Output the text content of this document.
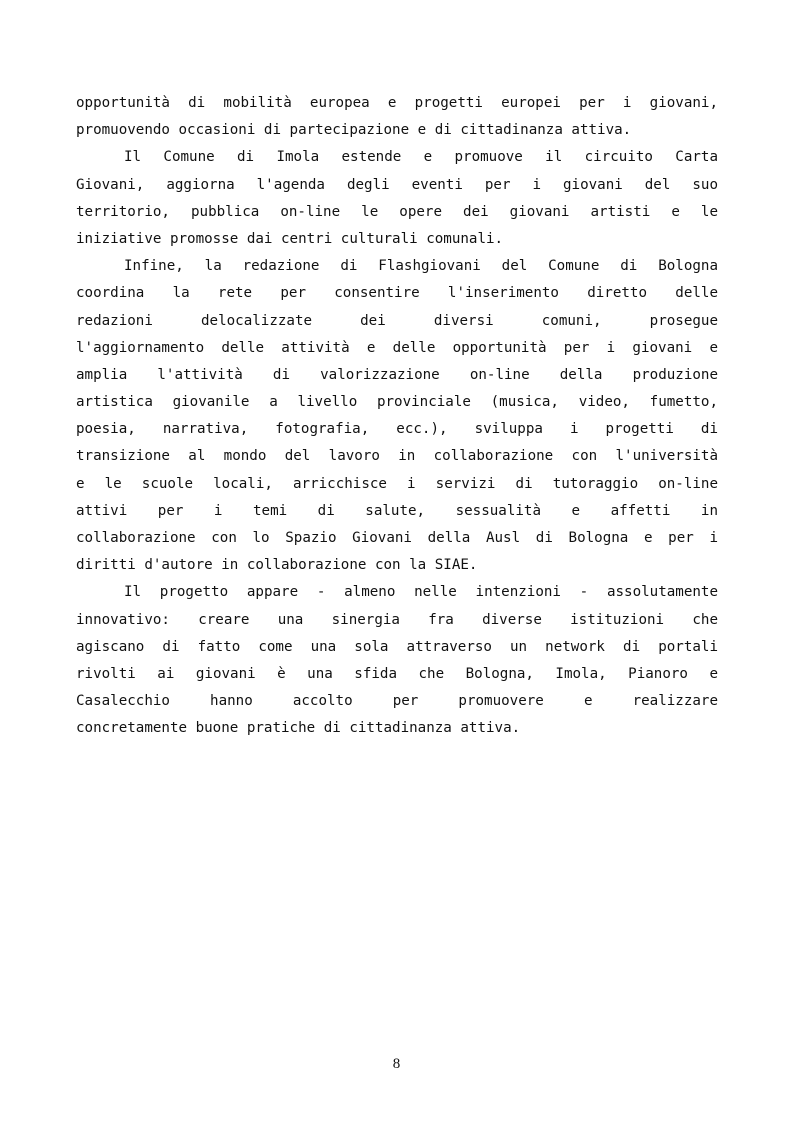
opportunità di mobilità europea e progetti europei per i giovani,
promuovendo occasioni di partecipazione e di cittadinanza attiva.
Il Comune di Imola estende e promuove il circuito Carta
Giovani, aggiorna l'agenda degli eventi per i giovani del suo
territorio, pubblica on-line le opere dei giovani artisti e le
iniziative promosse dai centri culturali comunali.
Infine, la redazione di Flashgiovani del Comune di Bologna
coordina la rete per consentire l'inserimento diretto delle
redazioni delocalizzate dei diversi comuni, prosegue
l'aggiornamento delle attività e delle opportunità per i giovani e
amplia l'attività di valorizzazione on-line della produzione
artistica giovanile a livello provinciale (musica, video, fumetto,
poesia, narrativa, fotografia, ecc.), sviluppa i progetti di
transizione al mondo del lavoro in collaborazione con l'università
e le scuole locali, arricchisce i servizi di tutoraggio on-line
attivi per i temi di salute, sessualità e affetti in
collaborazione con lo Spazio Giovani della Ausl di Bologna e per i
diritti d'autore in collaborazione con la SIAE.
Il progetto appare - almeno nelle intenzioni - assolutamente
innovativo: creare una sinergia fra diverse istituzioni che
agiscano di fatto come una sola attraverso un network di portali
rivolti ai giovani è una sfida che Bologna, Imola, Pianoro e
Casalecchio hanno accolto per promuovere e realizzare
concretamente buone pratiche di cittadinanza attiva.
8
